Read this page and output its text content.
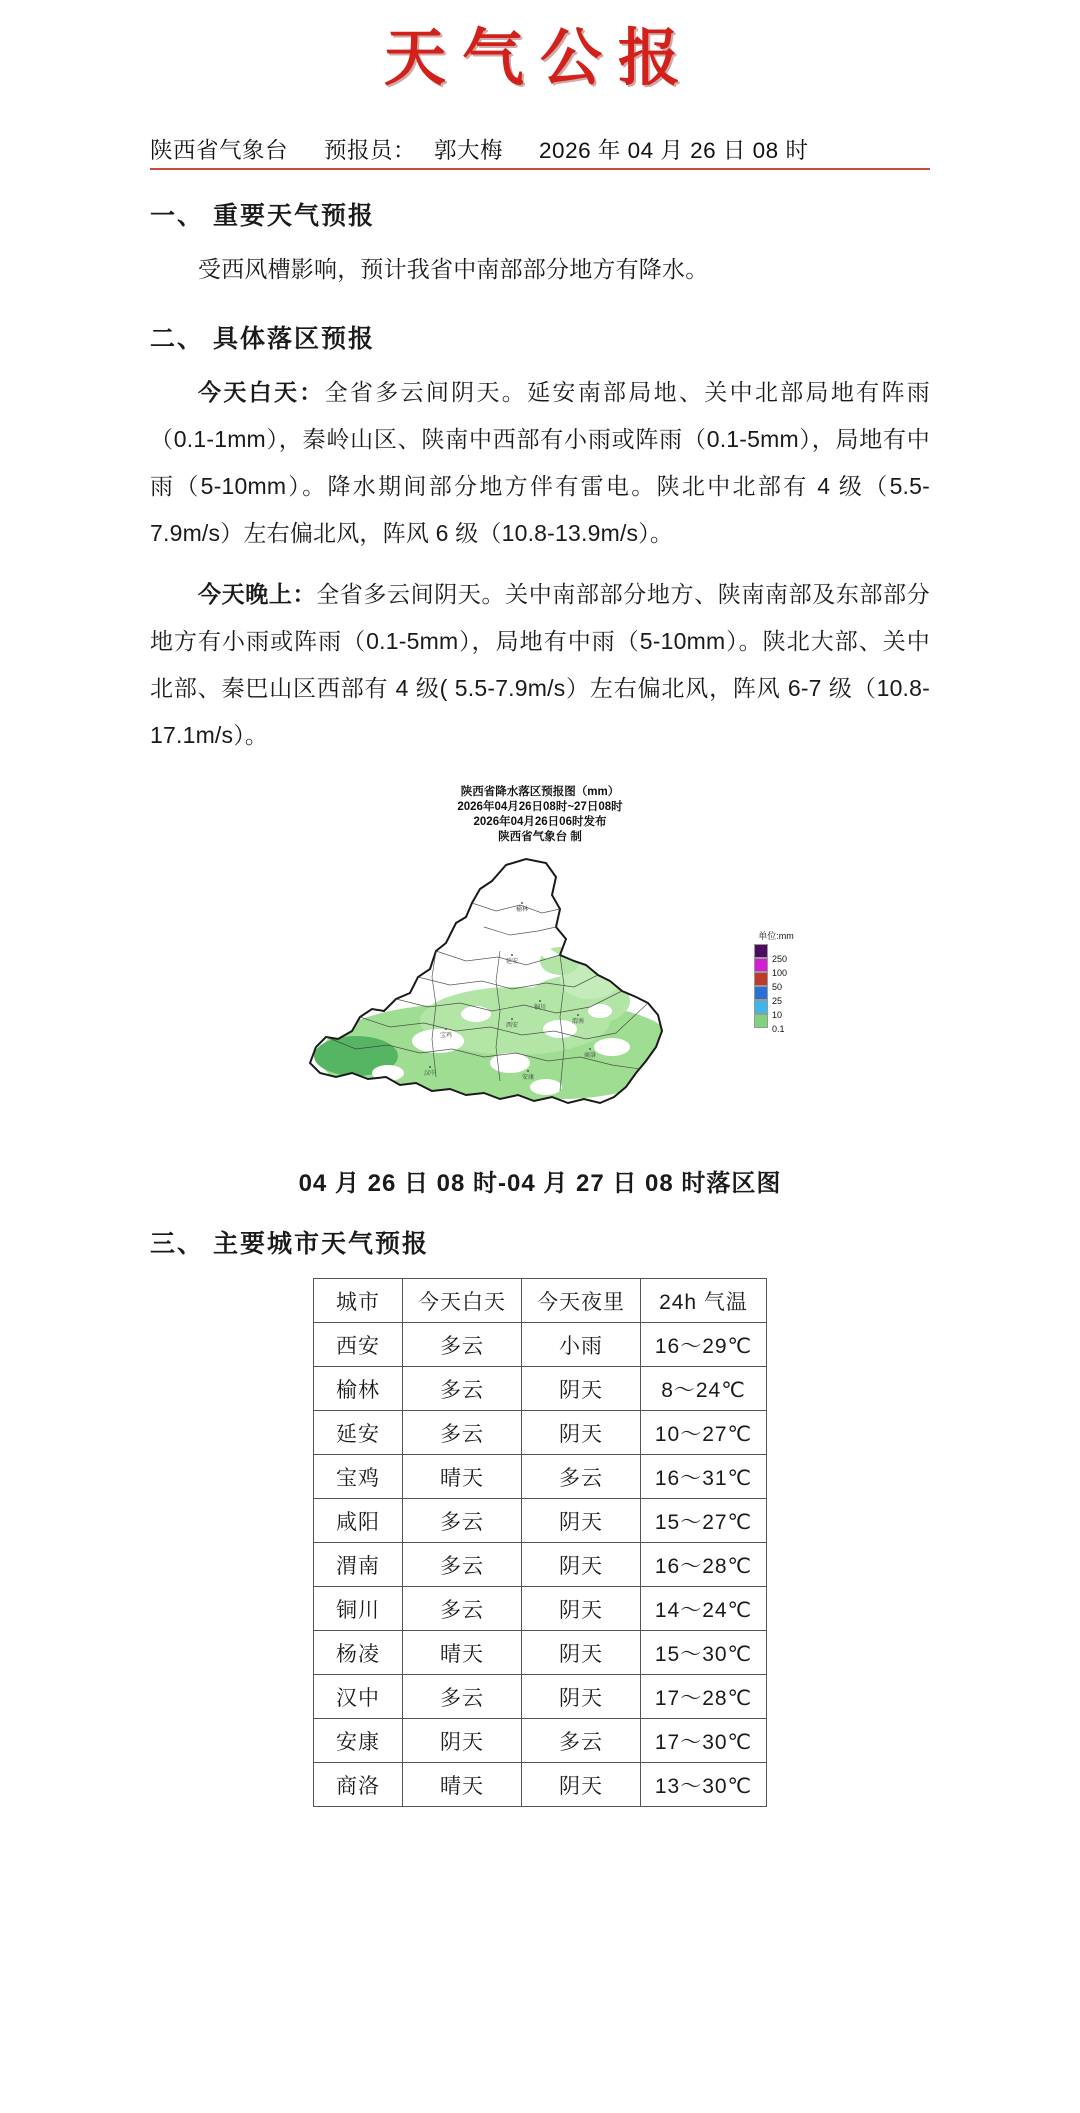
天气公报
陕西省气象台 预报员： 郭大梅 2026 年 04 月 26 日 08 时
一、 重要天气预报
受西风槽影响，预计我省中南部部分地方有降水。
二、 具体落区预报
今天白天：全省多云间阴天。延安南部局地、关中北部局地有阵雨（0.1-1mm），秦岭山区、陕南中西部有小雨或阵雨（0.1-5mm），局地有中雨（5-10mm）。降水期间部分地方伴有雷电。陕北中北部有 4 级（5.5-7.9m/s）左右偏北风，阵风 6 级（10.8-13.9m/s）。
今天晚上：全省多云间阴天。关中南部部分地方、陕南南部及东部部分地方有小雨或阵雨（0.1-5mm），局地有中雨（5-10mm）。陕北大部、关中北部、秦巴山区西部有 4 级( 5.5-7.9m/s）左右偏北风，阵风 6-7 级（10.8-17.1m/s）。
陕西省降水落区预报图（mm）
2026年04月26日08时~27日08时
2026年04月26日06时发布
陕西省气象台 制
榆林
延安
铜川
宝鸡
西安
渭南
商洛
汉中
安康
单位:mm
250
100
50
25
10
0.1
04 月 26 日 08 时-04 月 27 日 08 时落区图
三、 主要城市天气预报
城市	今天白天	今天夜里	24h 气温
西安	多云	小雨	16～29℃
榆林	多云	阴天	8～24℃
延安	多云	阴天	10～27℃
宝鸡	晴天	多云	16～31℃
咸阳	多云	阴天	15～27℃
渭南	多云	阴天	16～28℃
铜川	多云	阴天	14～24℃
杨凌	晴天	阴天	15～30℃
汉中	多云	阴天	17～28℃
安康	阴天	多云	17～30℃
商洛	晴天	阴天	13～30℃
